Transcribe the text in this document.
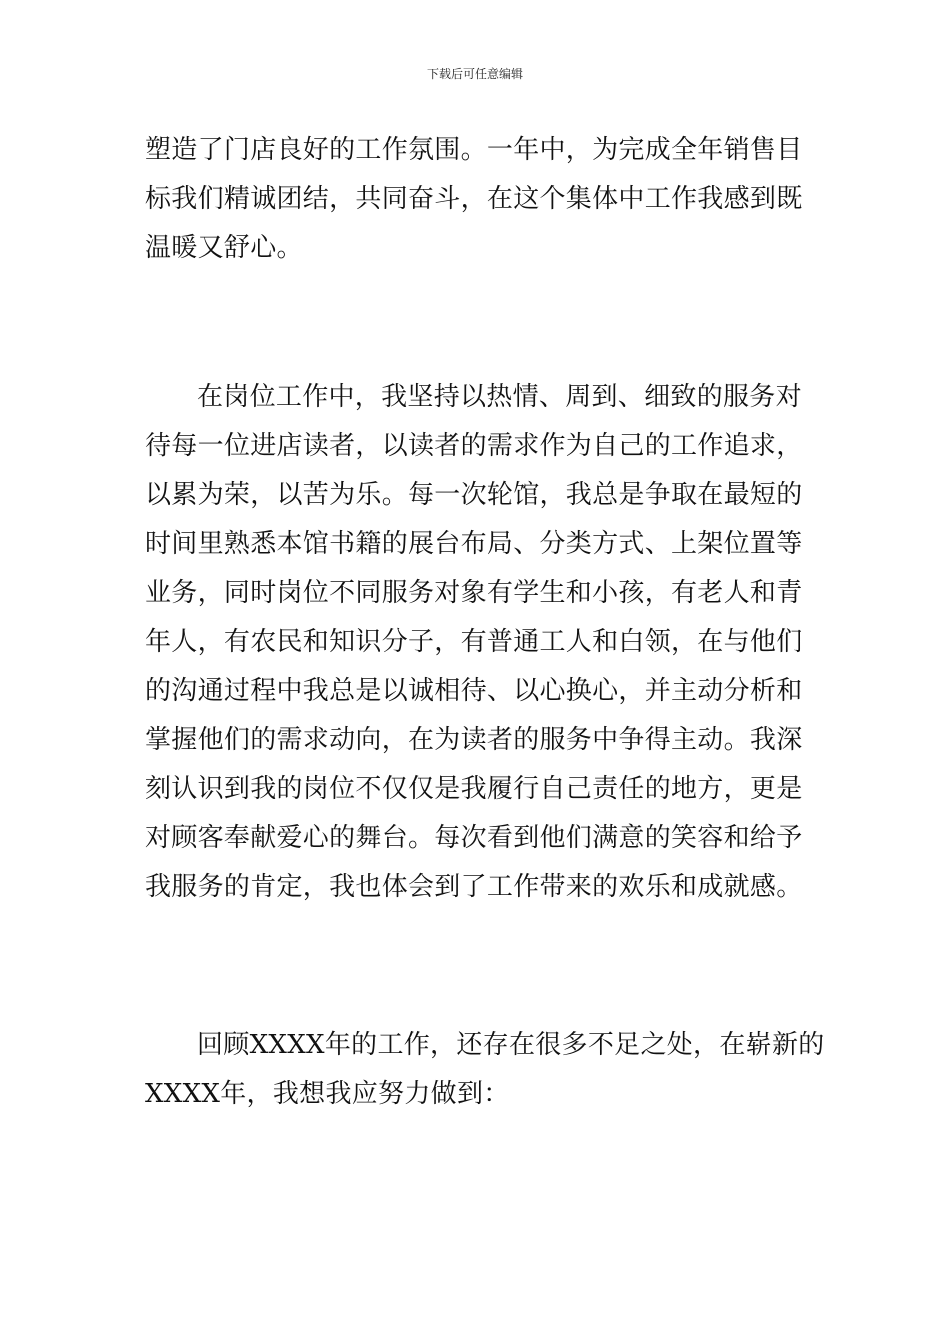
下载后可任意编辑
塑造了门店良好的工作氛围。一年中，为完成全年销售目
标我们精诚团结，共同奋斗，在这个集体中工作我感到既
温暖又舒心。
在岗位工作中，我坚持以热情、周到、细致的服务对
待每一位进店读者，以读者的需求作为自己的工作追求，
以累为荣，以苦为乐。每一次轮馆，我总是争取在最短的
时间里熟悉本馆书籍的展台布局、分类方式、上架位置等
业务，同时岗位不同服务对象有学生和小孩，有老人和青
年人，有农民和知识分子，有普通工人和白领，在与他们
的沟通过程中我总是以诚相待、以心换心，并主动分析和
掌握他们的需求动向，在为读者的服务中争得主动。我深
刻认识到我的岗位不仅仅是我履行自己责任的地方，更是
对顾客奉献爱心的舞台。每次看到他们满意的笑容和给予
我服务的肯定，我也体会到了工作带来的欢乐和成就感。
回顾XXXX年的工作，还存在很多不足之处，在崭新的
XXXX年，我想我应努力做到：
